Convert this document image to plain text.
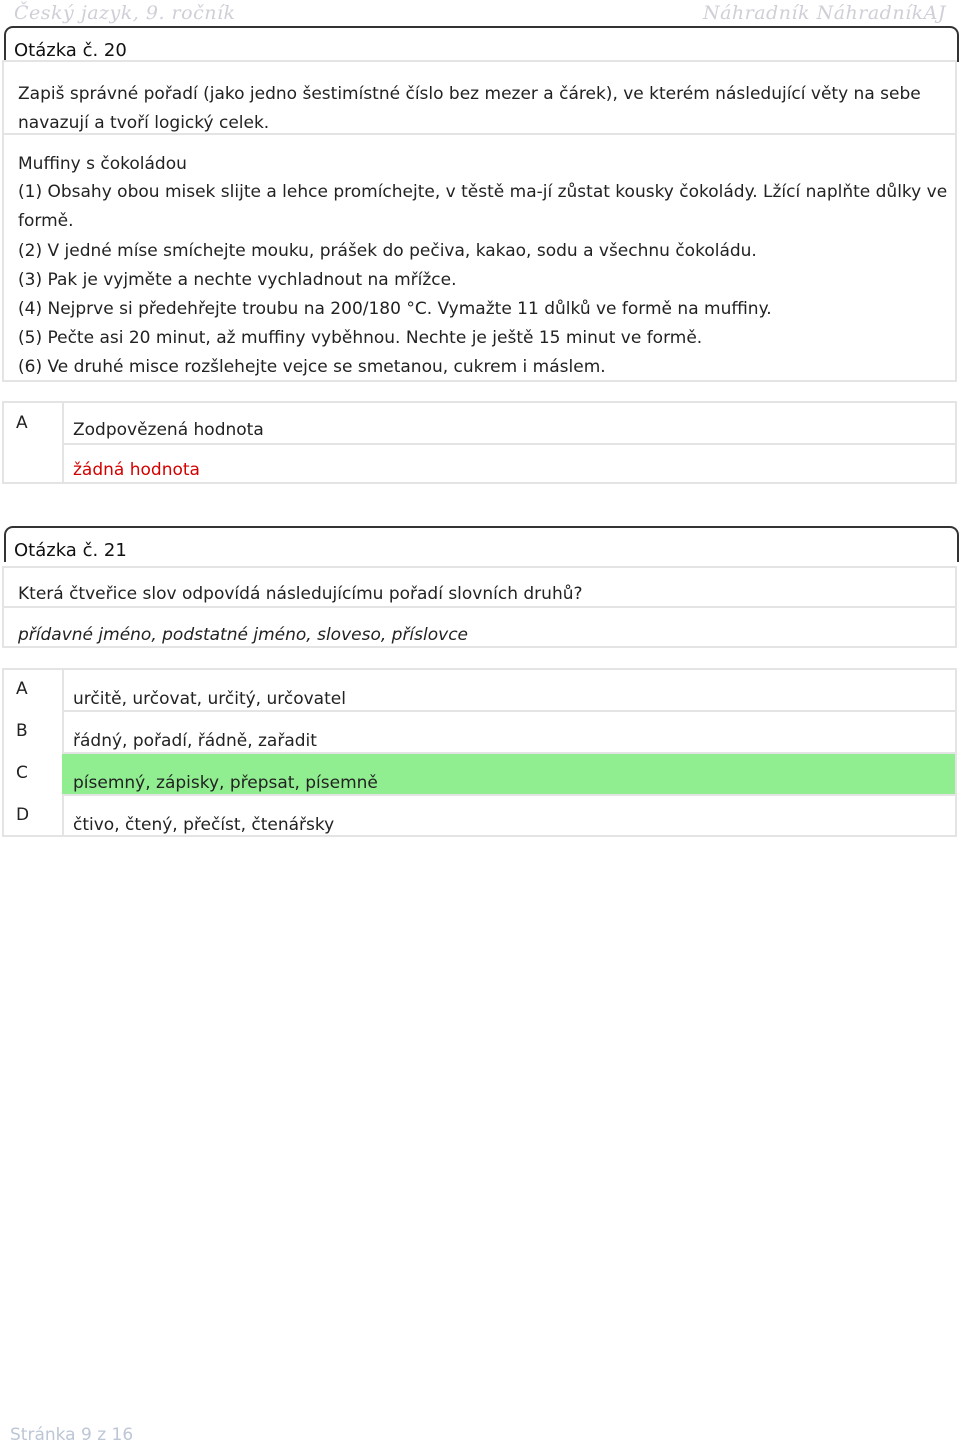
Český jazyk, 9. ročník	Náhradník NáhradníkAJ
Otázka č. 20
Zapiš správné pořadí (jako jedno šestimístné číslo bez mezer a čárek), ve kterém následující věty na sebe navazují a tvoří logický celek.
Muffiny s čokoládou
(1) Obsahy obou misek slijte a lehce promíchejte, v těstě ma-jí zůstat kousky čokolády. Lžící naplňte důlky ve formě.
(2) V jedné míse smíchejte mouku, prášek do pečiva, kakao, sodu a všechnu čokoládu.
(3) Pak je vyjměte a nechte vychladnout na mřížce.
(4) Nejprve si předehřejte troubu na 200/180 °C. Vymažte 11 důlků ve formě na muffiny.
(5) Pečte asi 20 minut, až muffiny vyběhnou. Nechte je ještě 15 minut ve formě.
(6) Ve druhé misce rozšlehejte vejce se smetanou, cukrem i máslem.
A	Zodpovězená hodnota
žádná hodnota
Otázka č. 21
Která čtveřice slov odpovídá následujícímu pořadí slovních druhů?
přídavné jméno, podstatné jméno, sloveso, příslovce
A
B
C
D
určitě, určovat, určitý, určovatel
řádný, pořadí, řádně, zařadit
písemný, zápisky, přepsat, písemně
čtivo, čtený, přečíst, čtenářsky
Stránka 9 z 16
